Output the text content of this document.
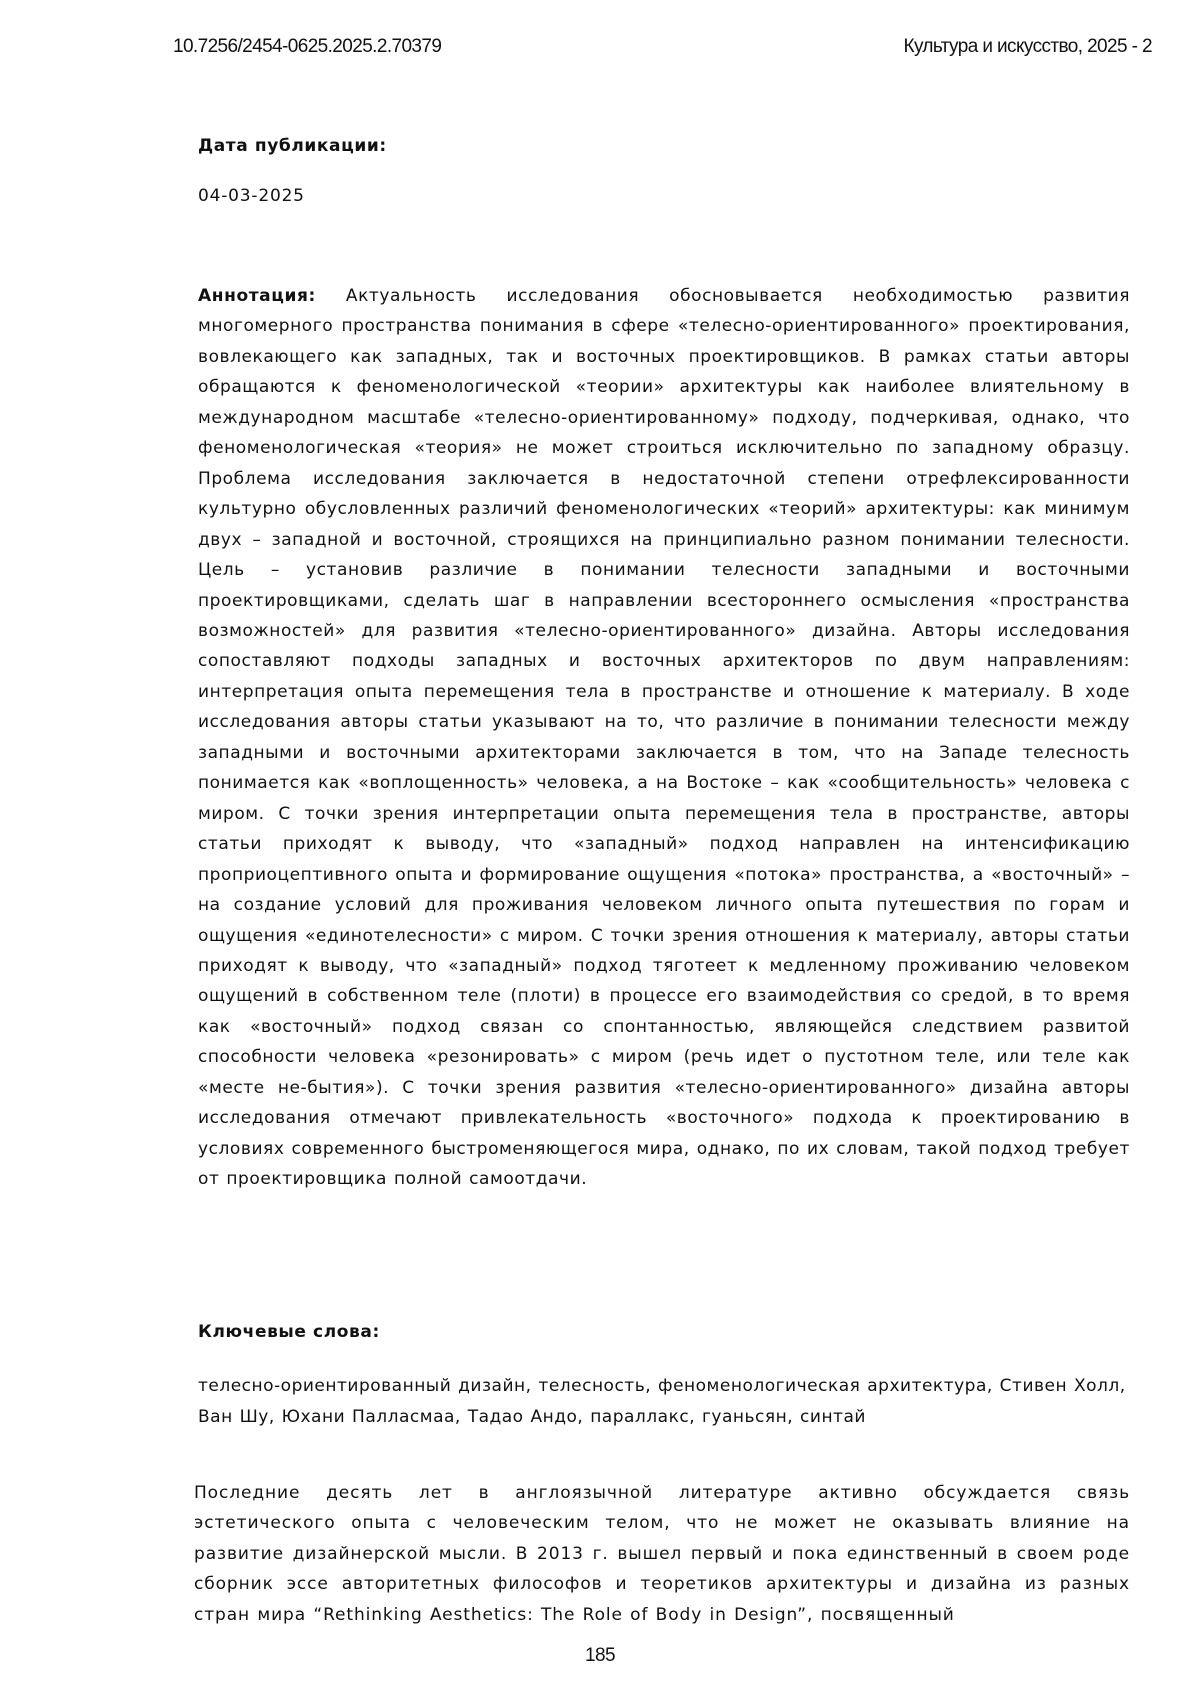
10.7256/2454-0625.2025.2.70379	Культура и искусство, 2025 - 2
Дата публикации:
04-03-2025

Аннотация: Актуальность исследования обосновывается необходимостью развития многомерного пространства понимания в сфере «телесно-ориентированного» проектирования, вовлекающего как западных, так и восточных проектировщиков. В рамках статьи авторы обращаются к феноменологической «теории» архитектуры как наиболее влиятельному в международном масштабе «телесно-ориентированному» подходу, подчеркивая, однако, что феноменологическая «теория» не может строиться исключительно по западному образцу. Проблема исследования заключается в недостаточной степени отрефлексированности культурно обусловленных различий феноменологических «теорий» архитектуры: как минимум двух – западной и восточной, строящихся на принципиально разном понимании телесности. Цель – установив различие в понимании телесности западными и восточными проектировщиками, сделать шаг в направлении всестороннего осмысления «пространства возможностей» для развития «телесно-ориентированного» дизайна. Авторы исследования сопоставляют подходы западных и восточных архитекторов по двум направлениям: интерпретация опыта перемещения тела в пространстве и отношение к материалу. В ходе исследования авторы статьи указывают на то, что различие в понимании телесности между западными и восточными архитекторами заключается в том, что на Западе телесность понимается как «воплощенность» человека, а на Востоке – как «сообщительность» человека с миром. С точки зрения интерпретации опыта перемещения тела в пространстве, авторы статьи приходят к выводу, что «западный» подход направлен на интенсификацию проприоцептивного опыта и формирование ощущения «потока» пространства, а «восточный» – на создание условий для проживания человеком личного опыта путешествия по горам и ощущения «единотелесности» с миром. С точки зрения отношения к материалу, авторы статьи приходят к выводу, что «западный» подход тяготеет к медленному проживанию человеком ощущений в собственном теле (плоти) в процессе его взаимодействия со средой, в то время как «восточный» подход связан со спонтанностью, являющейся следствием развитой способности человека «резонировать» с миром (речь идет о пустотном теле, или теле как «месте не-бытия»). С точки зрения развития «телесно-ориентированного» дизайна авторы исследования отмечают привлекательность «восточного» подхода к проектированию в условиях современного быстроменяющегося мира, однако, по их словам, такой подход требует от проектировщика полной самоотдачи.

Ключевые слова:

телесно-ориентированный дизайн, телесность, феноменологическая архитектура, Стивен Холл, Ван Шу, Юхани Палласмаа, Тадао Андо, параллакс, гуаньсян, синтай

Последние десять лет в англоязычной литературе активно обсуждается связь эстетического опыта с человеческим телом, что не может не оказывать влияние на развитие дизайнерской мысли. В 2013 г. вышел первый и пока единственный в своем роде сборник эссе авторитетных философов и теоретиков архитектуры и дизайна из разных стран мира “Rethinking Aesthetics: The Role of Body in Design”, посвященный

185
